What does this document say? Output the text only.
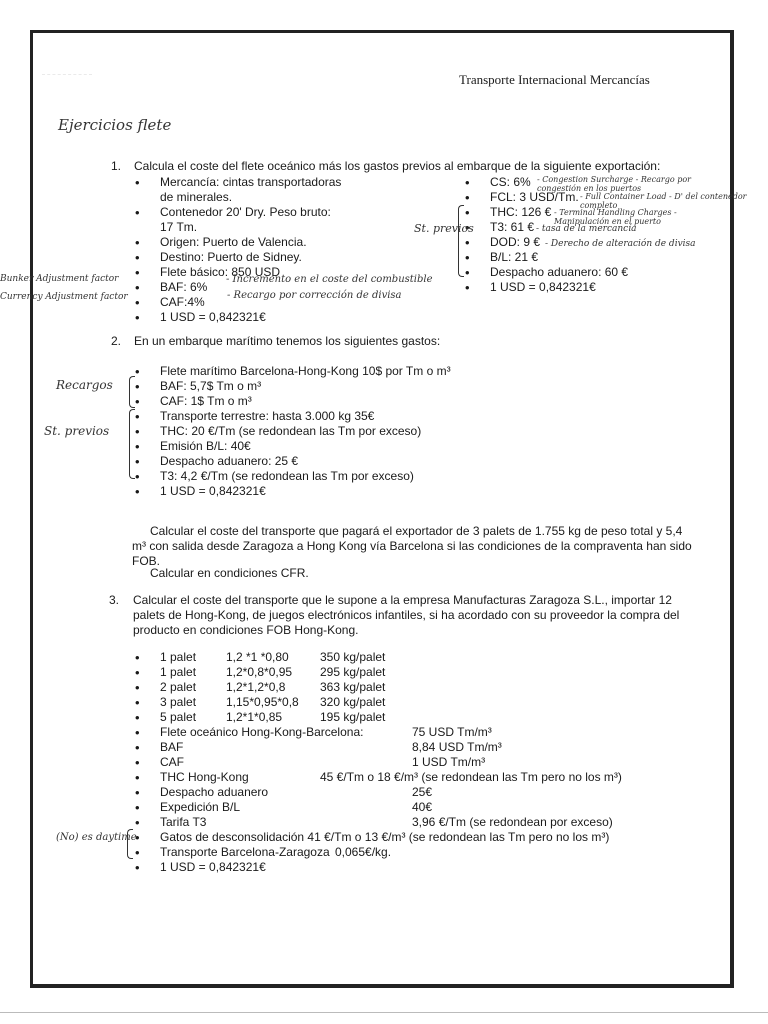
Transporte Internacional Mercancías
Ejercicios flete
1. Calcula el coste del flete oceánico más los gastos previos al embarque de la siguiente exportación:
• Mercancía: cintas transportadoras
de minerales.
• Contenedor 20' Dry. Peso bruto:
17 Tm.
• Origen: Puerto de Valencia.
• Destino: Puerto de Sidney.
• Flete básico: 850 USD
• BAF: 6%
• CAF:4%
• 1 USD = 0,842321€
• CS: 6%
• FCL: 3 USD/Tm.
• THC: 126 €
• T3: 61 €
• DOD: 9 €
• B/L: 21 €
• Despacho aduanero: 60 €
• 1 USD = 0,842321€
St. previos
Bunker Adjustment factor
Currency Adjustment factor
- Incremento en el coste del combustible
- Recargo por corrección de divisa
- Congestion Surcharge - Recargo por congestión en los puertos
- Full Container Load - D' del contenedor completo
- Terminal Handling Charges - Manipulación en el puerto
- tasa de la mercancía
- Derecho de alteración de divisa
2. En un embarque marítimo tenemos los siguientes gastos:
• Flete marítimo Barcelona-Hong-Kong 10$ por Tm o m³
• BAF: 5,7$ Tm o m³
• CAF: 1$ Tm o m³
• Transporte terrestre: hasta 3.000 kg 35€
• THC: 20 €/Tm (se redondean las Tm por exceso)
• Emisión B/L: 40€
• Despacho aduanero: 25 €
• T3: 4,2 €/Tm (se redondean las Tm por exceso)
• 1 USD = 0,842321€
Recargos
St. previos
Calcular el coste del transporte que pagará el exportador de 3 palets de 1.755 kg de peso total y 5,4 m³ con salida desde Zaragoza a Hong Kong vía Barcelona si las condiciones de la compraventa han sido FOB.
Calcular en condiciones CFR.
3. Calcular el coste del transporte que le supone a la empresa Manufacturas Zaragoza S.L., importar 12 palets de Hong-Kong, de juegos electrónicos infantiles, si ha acordado con su proveedor la compra del producto en condiciones FOB Hong-Kong.
• 1 palet	1,2 *1 *0,80	350 kg/palet
• 1 palet	1,2*0,8*0,95	295 kg/palet
• 2 palet	1,2*1,2*0,8	363 kg/palet
• 3 palet	1,15*0,95*0,8	320 kg/palet
• 5 palet	1,2*1*0,85	195 kg/palet
• Flete oceánico Hong-Kong-Barcelona:	75 USD Tm/m³
• BAF	8,84 USD Tm/m³
• CAF	1 USD Tm/m³
• THC Hong-Kong	45 €/Tm o 18 €/m³ (se redondean las Tm pero no los m³)
• Despacho aduanero	25€
• Expedición B/L	40€
• Tarifa T3	3,96 €/Tm (se redondean por exceso)
• Gatos de desconsolidación 41 €/Tm o 13 €/m³ (se redondean las Tm pero no los m³)
• Transporte Barcelona-Zaragoza 0,065€/kg.
• 1 USD = 0,842321€
(No) es daytime
